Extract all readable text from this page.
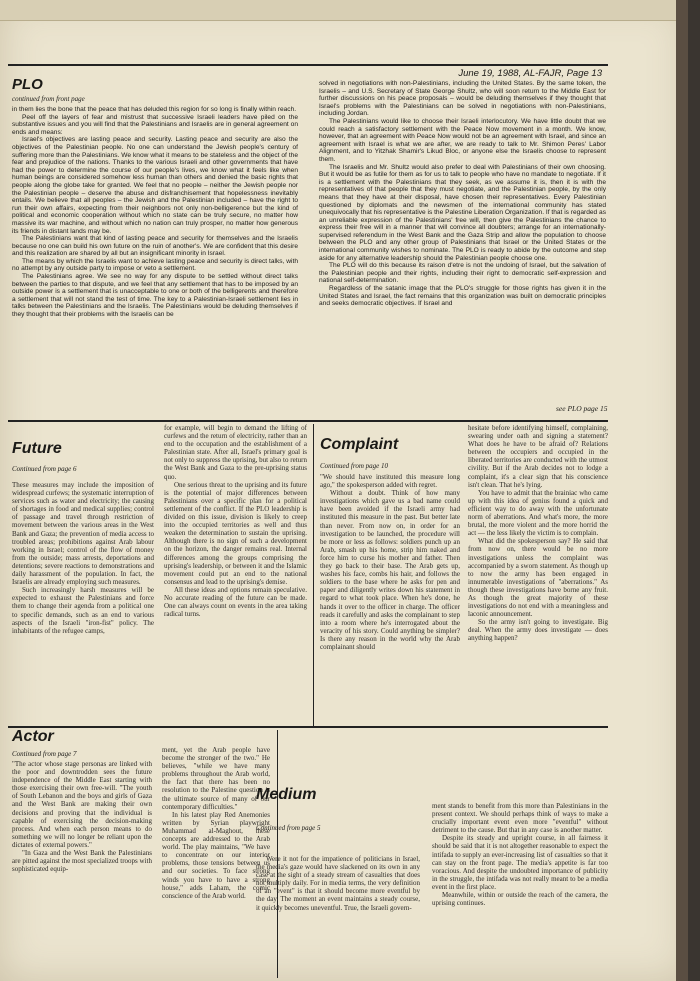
June 19, 1988, AL-FAJR, Page 13
PLO
continued from front page

in them lies the bone that the peace that has deluded this region for so long is finally within reach.

Peel off the layers of fear and mistrust that successive Israeli leaders have piled on the substantive issues and you will find that the Palestinians and Israelis are in general agreement on ends and means:

Israel's objectives are lasting peace and security. Lasting peace and security are also the objectives of the Palestinian people. No one can understand the Jewish people's century of suffering more than the Palestinians. We know what it means to be stateless and the object of the fear and prejudice of the nations. Thanks to the various Israeli and other governments that have had the power to determine the course of our people's lives, we know what it feels like when human beings are considered somehow less human than others and denied the basic rights that people along the globe take for granted. We feel that no people – neither the Jewish people nor the Palestinian people – deserve the abuse and disfranchisement that hopelessness inevitably entails. We believe that all peoples – the Jewish and the Palestinian included – have the right to run their own affairs, expecting from their neighbors not only non-belligerence but the kind of political and economic cooperation without which no state can be truly secure, no matter how massive its war machine, and without which no nation can truly prosper, no matter how generous its friends in distant lands may be.

The Palestinians want that kind of lasting peace and security for themselves and the Israelis because no one can build his own future on the ruin of another's. We are confident that this desire and this realization are shared by all but an insignificant minority in Israel.

The means by which the Israelis want to achieve lasting peace and security is direct talks, with no attempt by any outside party to impose or veto a settlement.

The Palestinians agree. We see no way for any dispute to be settled without direct talks between the parties to that dispute, and we feel that any settlement that has to be imposed by an outside power is a settlement that is unacceptable to one or both of the belligerents and therefore a settlement that will not stand the test of time. The key to a Palestinian-Israeli settlement lies in talks between the Palestinians and the Israelis. The Palestinians would be deluding themselves if they thought that their problems with the Israelis can be

solved in negotiations with non-Palestinians, including the United States. By the same token, the Israelis – and U.S. Secretary of State George Shultz, who will soon return to the Middle East for further discussions on his peace proposals – would be deluding themselves if they thought that Israel's problems with the Palestinians can be solved in negotiations with non-Palestinians, including Jordan.

The Palestinians would like to choose their Israeli interlocutory. We have little doubt that we could reach a satisfactory settlement with the Peace Now movement in a month. We know, however, that an agreement with Peace Now would not be an agreement with Israel, and since an agreement with Israel is what we are after, we are ready to talk to Mr. Shimon Peres' Labor Alignment, and to Yitzhak Shamir's Likud Bloc, or anyone else the Israelis choose to represent them.

The Israelis and Mr. Shultz would also prefer to deal with Palestinians of their own choosing. But it would be as futile for them as for us to talk to people who have no mandate to negotiate. If it is a settlement with the Palestinians that they seek, as we assume it is, then it is with the representatives of that people that they must negotiate, and the Palestinian people, by the only means that they have at their disposal, have chosen their representatives. Every Palestinian questioned by diplomats and the newsmen of the international community has stated unequivocally that his representative is the Palestine Liberation Organization. If that is regarded as an unreliable expression of the Palestinians' free will, then give the Palestinians the chance to express their free will in a manner that will convince all doubters; arrange for an internationally-supervised referendum in the West Bank and the Gaza Strip and allow the population to choose between the PLO and any other group of Palestinians that Israel or the United States or the international community wishes to nominate. The PLO is ready to abide by the outcome and step aside for any alternative leadership should the Palestinian people choose one.

The PLO will do this because its raison d'etre is not the undoing of Israel, but the salvation of the Palestinian people and their rights, including their right to democratic self-expression and national self-determination.

Regardless of the satanic image that the PLO's struggle for those rights has given it in the United States and Israel, the fact remains that this organization was built on democratic principles and seeks democratic objectives. If Israel and

see PLO page 15
Future
Continued from page 6

These measures may include the imposition of widespread curfews; the systematic interruption of services such as water and electricity; the causing of shortages in food and medical supplies; control of passage and travel through restriction of movement between the various areas in the West Bank and Gaza; the prevention of media access to troubled areas; prohibitions against Arab labour working in Israel; control of the flow of money from the outside; mass arrests, deportations and detentions; severe reactions to demonstrations and daily harassment of the population. In fact, the Israelis are already employing such measures.

Such increasingly harsh measures will be expected to exhaust the Palestinians and force them to change their agenda from a political one to specific demands, such as an end to various aspects of the Israeli "iron-fist" policy. The inhabitants of the refugee camps,

for example, will begin to demand the lifting of curfews and the return of electricity, rather than an end to the occupation and the establishment of a Palestinian state. After all, Israel's primary goal is not only to suppress the uprising, but also to return the West Bank and Gaza to the pre-uprising status quo.

One serious threat to the uprising and its future is the potential of major differences between Palestinians over a specific plan for a political settlement of the conflict. If the PLO leadership is divided on this issue, division is likely to creep into the occupied territories as well and thus weaken the determination to sustain the uprising. Although there is no sign of such a development on the horizon, the danger remains real. Internal differences among the groups comprising the uprising's leadership, or between it and the Islamic movement could put an end to the national consensus and lead to the uprising's demise.

All these ideas and options remain speculative. No accurate reading of the future can be made. One can always count on events in the area taking radical turns.

Complaint
Continued from page 10

"We should have instituted this measure long ago," the spokesperson added with regret.

Without a doubt. Think of how many investigations which gave us a bad name could have been avoided if the Israeli army had instituted this measure in the past. But better late than never. From now on, in order for an investigation to be launched, the procedure will be more or less as follows: soldiers punch up an Arab, smash up his home, strip him naked and force him to curse his mother and father. Then they go back to their base. The Arab gets up, washes his face, combs his hair, and follows the soldiers to the base where he asks for pen and paper and diligently writes down his statement in regard to what took place. When he's done, he hands it over to the officer in charge. The officer reads it carefully and asks the complainant to step into a room where he's interrogated about the veracity of his story. Could anything be simpler? Is there any reason in the world why the Arab complainant should

hesitate before identifying himself, complaining, swearing under oath and signing a statement? What does he have to be afraid of? Relations between the occupiers and occupied in the liberated territories are conducted with the utmost civility. But if the Arab decides not to lodge a complaint, it's a clear sign that his conscience isn't clean. That he's lying.

You have to admit that the brainiac who came up with this idea of genius found a quick and efficient way to do away with the unfortunate norm of aberrations. And what's more, the more brutal, the more violent and the more horrid the act — the less likely the victim is to complain.

What did the spokesperson say? He said that from now on, there would be no more investigations unless the complaint was accompanied by a sworn statement. As though up to now the army has been engaged in innumerable investigations of "aberrations." As though these investigations have borne any fruit. As though the great majority of these investigations do not end with a meaningless and laconic announcement.

So the army isn't going to investigate. Big deal. When the army does investigate — does anything happen?

Actor
Continued from page 7

"The actor whose stage personas are linked with the poor and downtrodden sees the future independence of the Middle East starting with those exercising their own free-will. "The youth of South Lebanon and the boys and girls of Gaza and the West Bank are making their own decisions and proving that the individual is capable of exercising the decision-making process. And when each person means to do something we will no longer be reliant upon the dictates of external powers."

"In Gaza and the West Bank the Palestinians are pitted against the most specialized troops with sophisticated equip-

ment, yet the Arab people have become the stronger of the two." He believes, "while we have many problems throughout the Arab world, the fact that there has been no resolution to the Palestine question is the ultimate source of many of our contemporary difficulties."

In his latest play Red Anemonies written by Syrian playwright Muhammad al-Maghout, these concepts are addressed to the Arab world. The play maintains, "We have to concentrate on our interior problems, those tensions between us and our societies. To face strong winds you have to have a strong house," adds Laham, the comic conscience of the Arab world.

Medium
Continued from page 5

Were it not for the impatience of politicians in Israel, the media's gaze would have slackened on its own in any case at the sight of a steady stream of casualties that does not multiply daily. For in media terms, the very definition of an "event" is that it should become more eventful by the day. The moment an event maintains a steady course, it quickly becomes uneventful. True, the Israeli govern-

ment stands to benefit from this more than Palestinians in the present context. We should perhaps think of ways to make a crucially important event even more "eventful" without detriment to the cause. But that in any case is another matter.

Despite its steady and upright course, in all fairness it should be said that it is not altogether reasonable to expect the intifada to supply an ever-increasing list of casualties so that it can stay on the front page. The media's appetite is far too voracious. And despite the undoubted importance of publicity in the struggle, the intifada was not really meant to be a media event in the first place.

Meanwhile, within or outside the reach of the camera, the uprising continues.
